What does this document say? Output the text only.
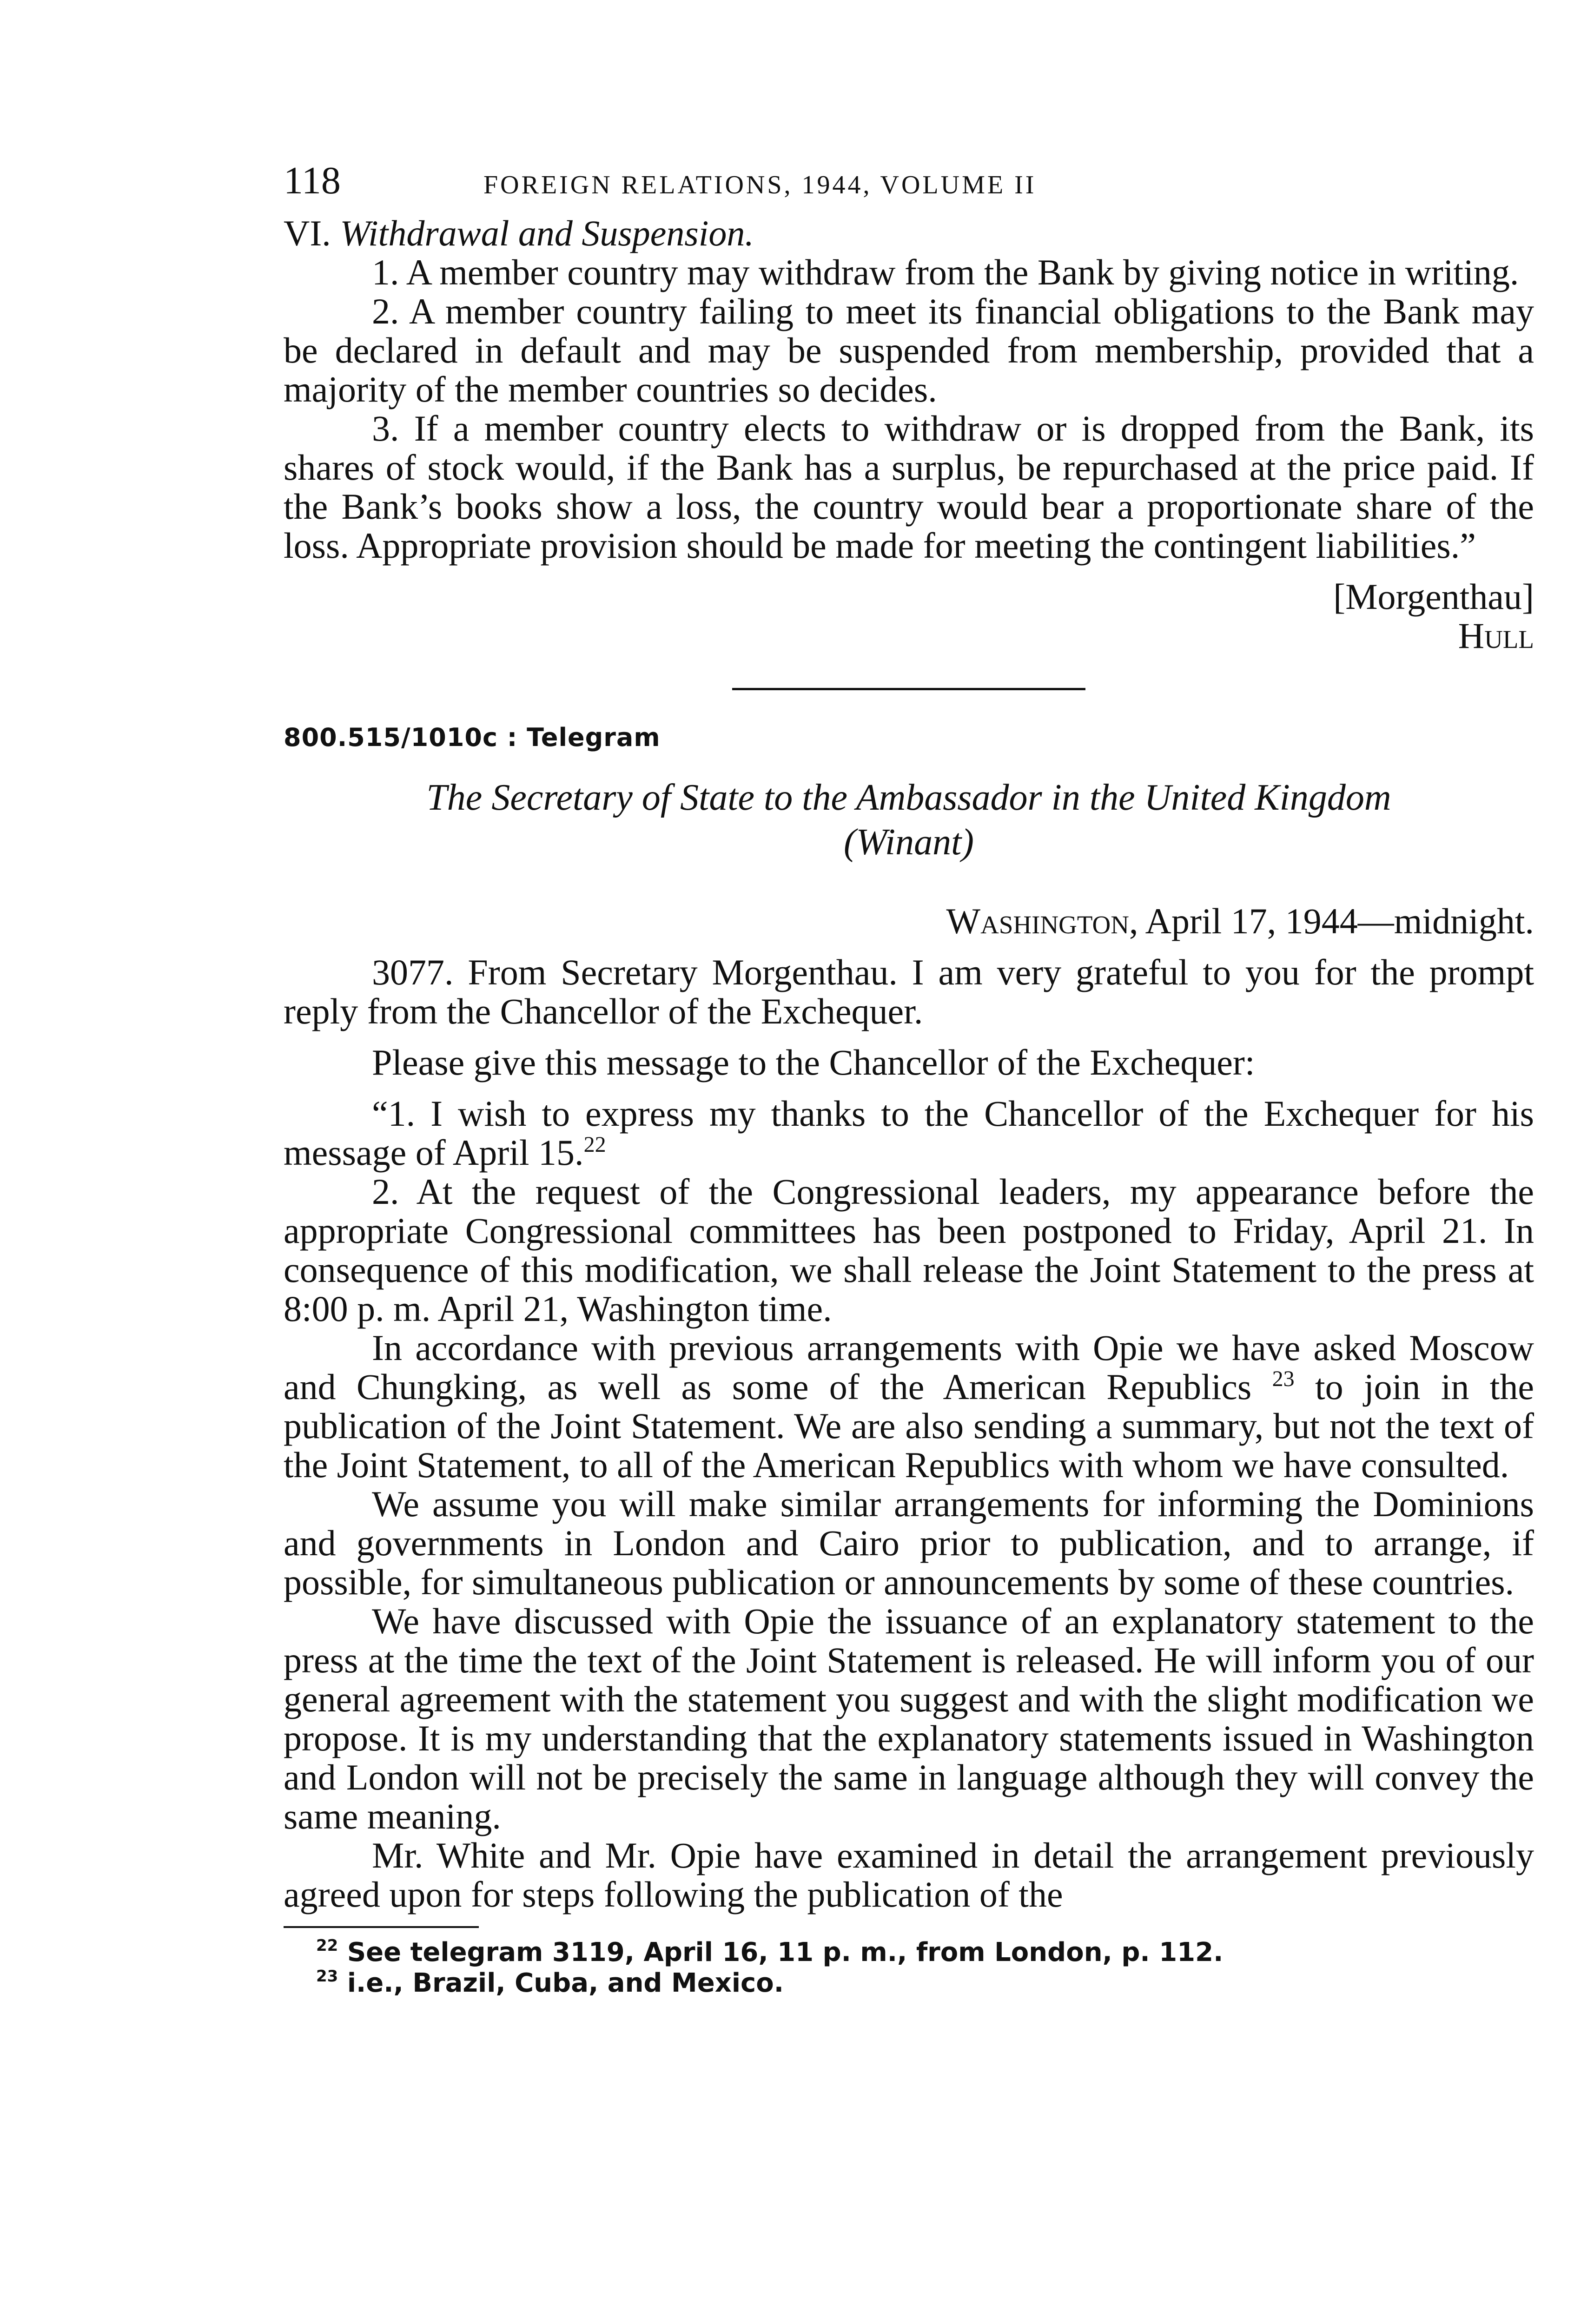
118	FOREIGN RELATIONS, 1944, VOLUME II

VI. Withdrawal and Suspension.

1. A member country may withdraw from the Bank by giving notice in writing.

2. A member country failing to meet its financial obligations to the Bank may be declared in default and may be suspended from membership, provided that a majority of the member countries so decides.

3. If a member country elects to withdraw or is dropped from the Bank, its shares of stock would, if the Bank has a surplus, be repurchased at the price paid. If the Bank’s books show a loss, the country would bear a proportionate share of the loss. Appropriate provision should be made for meeting the contingent liabilities.”

[Morgenthau]

Hull

800.515/1010c : Telegram

The Secretary of State to the Ambassador in the United Kingdom
(Winant)

Washington, April 17, 1944—midnight.

3077. From Secretary Morgenthau. I am very grateful to you for the prompt reply from the Chancellor of the Exchequer.

Please give this message to the Chancellor of the Exchequer:

“1. I wish to express my thanks to the Chancellor of the Exchequer for his message of April 15.22

2. At the request of the Congressional leaders, my appearance before the appropriate Congressional committees has been postponed to Friday, April 21. In consequence of this modification, we shall release the Joint Statement to the press at 8:00 p. m. April 21, Washington time.

In accordance with previous arrangements with Opie we have asked Moscow and Chungking, as well as some of the American Republics $^{23}$ to join in the publication of the Joint Statement. We are also sending a summary, but not the text of the Joint Statement, to all of the American Republics with whom we have consulted.

We assume you will make similar arrangements for informing the Dominions and governments in London and Cairo prior to publication, and to arrange, if possible, for simultaneous publication or announcements by some of these countries.

We have discussed with Opie the issuance of an explanatory statement to the press at the time the text of the Joint Statement is released. He will inform you of our general agreement with the statement you suggest and with the slight modification we propose. It is my understanding that the explanatory statements issued in Washington and London will not be precisely the same in language although they will convey the same meaning.

Mr. White and Mr. Opie have examined in detail the arrangement previously agreed upon for steps following the publication of the

$^{22}$ See telegram 3119, April 16, 11 p. m., from London, p. 112.

$^{23}$ i.e., Brazil, Cuba, and Mexico.
